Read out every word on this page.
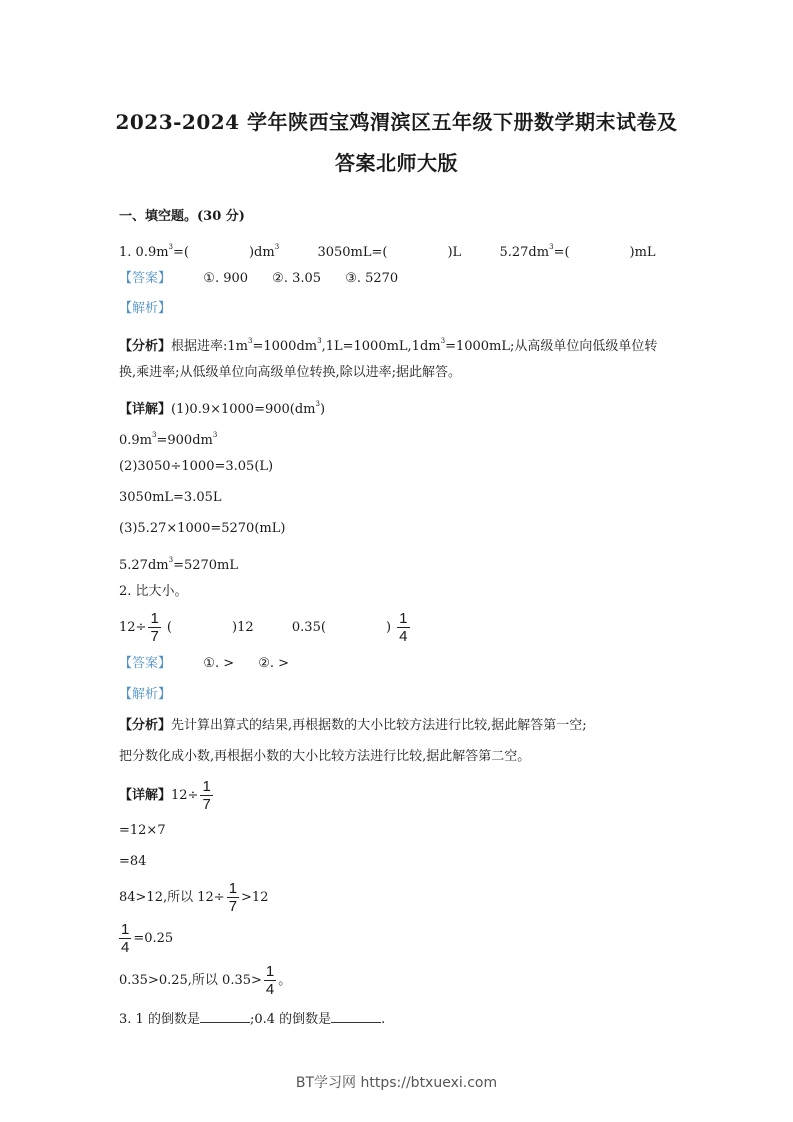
2023-2024 学年陕西宝鸡渭滨区五年级下册数学期末试卷及
答案北师大版
一、填空题。(30 分)
1. $0.9m^3=$(	)$dm^3$	3050mL=(	)L	$5.27dm^3=$(	)mL
【答案】 ①. 900 ②. 3.05 ③. 5270
【解析】
【分析】根据进率$:1m^3=1000dm^3,1L=1000mL,1dm^3=1000mL$;从高级单位向低级单位转
换,乘进率;从低级单位向高级单位转换,除以进率;据此解答。
【详解】$(1)0.9\times 1000=900(dm^3)$
$0.9m^3=900dm^3$
(2)3050÷1000=3.05(L)
3050mL=3.05L
(3)5.27×1000=5270(mL)
$5.27dm^3=5270mL$
2. 比大小。
$12\div \frac{1}{7}$ (	)12	0.35(	) $\frac{1}{4}$
【答案】 ①. > ②. >
【解析】
【分析】先计算出算式的结果,再根据数的大小比较方法进行比较,据此解答第一空;
把分数化成小数,再根据小数的大小比较方法进行比较,据此解答第二空。
【详解】$12\div \frac{1}{7}$
=12×7
=84
84>12,所以 $12\div \frac{1}{7} >12$
$\frac{1}{4} =0.25$
0.35>0.25,所以 $0.35> \frac{1}{4}$ 。
3. 1 的倒数是	;0.4 的倒数是	.
BT学习网 https://btxuexi.com
